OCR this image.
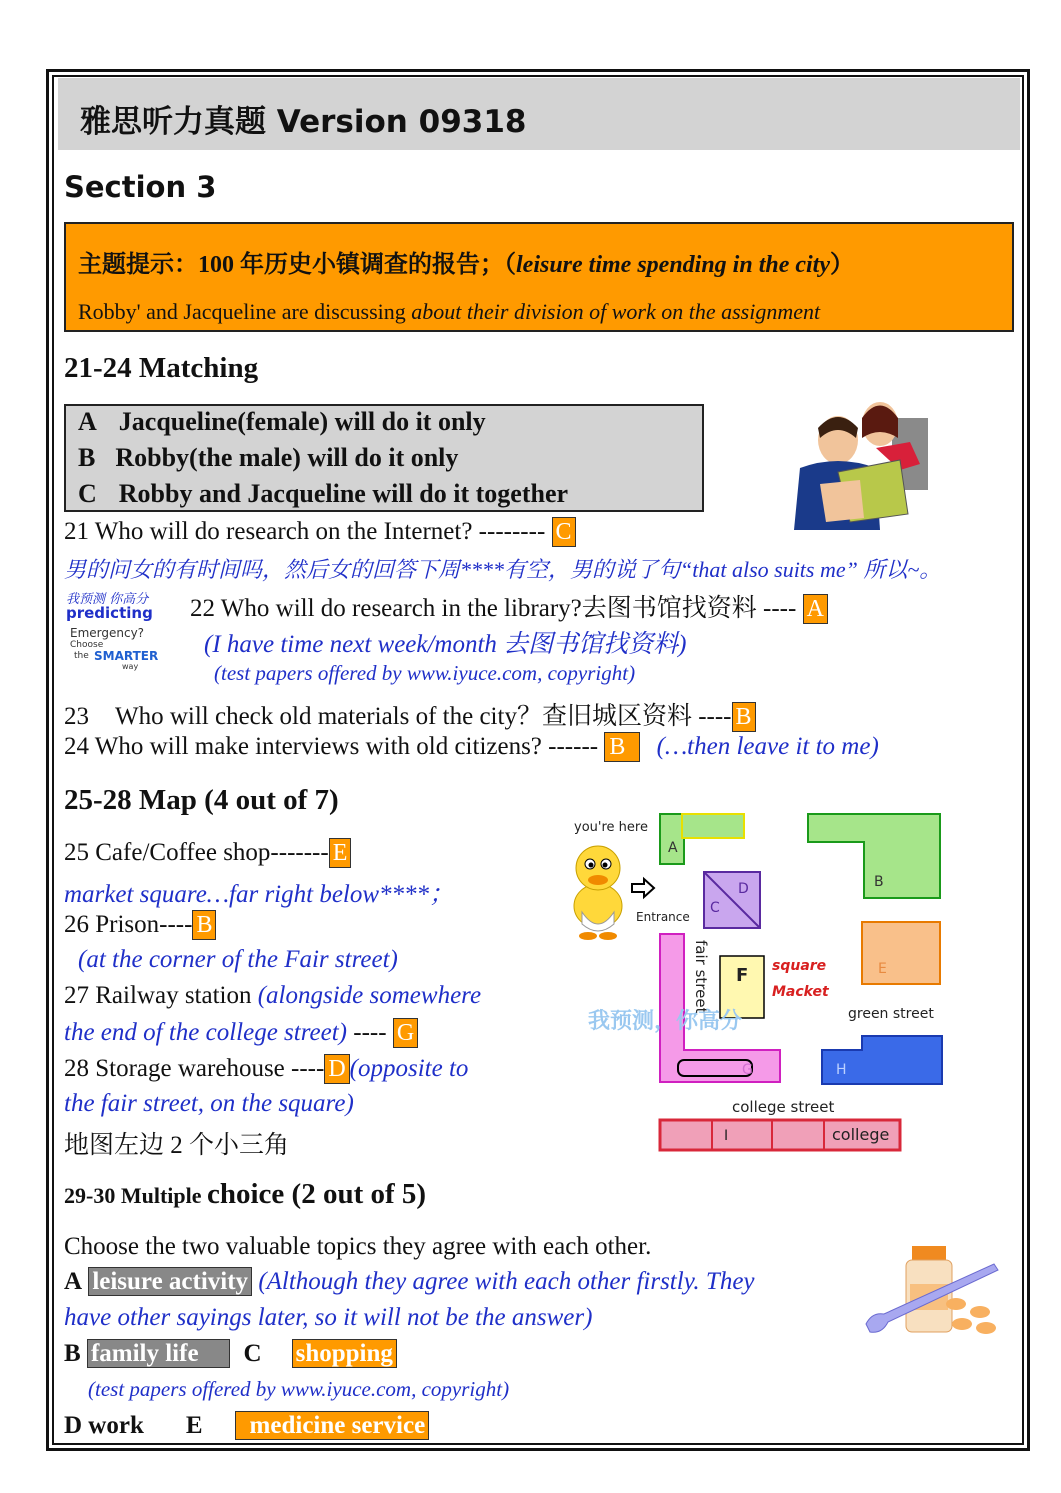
雅思听力真题 Version 09318
Section 3
主题提示：100 年历史小镇调查的报告；（leisure time spending in the city）
Robby' and Jacqueline are discussing about their division of work on the assignment
21-24 Matching
A Jacqueline(female) will do it only
B Robby(the male) will do it only
C Robby and Jacqueline will do it together
21 Who will do research on the Internet? -------- C
男的问女的有时间吗，然后女的回答下周****有空，男的说了句“that also suits me” 所以~。
我预测 你高分
predicting
Emergency?
Choose
the SMARTER
way
22 Who will do research in the library?去图书馆找资料 ---- A
(I have time next week/month 去图书馆找资料)
(test papers offered by www.iyuce.com, copyright)
23 Who will check old materials of the city？查旧城区资料 ---- B
24 Who will make interviews with old citizens? ------ B (…then leave it to me)
25-28 Map (4 out of 7)
25 Cafe/Coffee shop------- E
market square…far right below****；
26 Prison---- B
(at the corner of the Fair street)
27 Railway station (alongside somewhere
the end of the college street) ---- G
28 Storage warehouse ---- D (opposite to
the fair street, on the square)
地图左边 2 个小三角
you're here
Entrance
A
B
D
C
E
G
fair street F square
Macket
green street
我预测，你高分
H
college street
I	college
29-30 Multiple choice (2 out of 5)
Choose the two valuable topics they agree with each other.
A leisure activity (Although they agree with each other firstly. They
have other sayings later, so it will not be the answer)
B family life C shopping
(test papers offered by www.iyuce.com, copyright)
D work E medicine service
